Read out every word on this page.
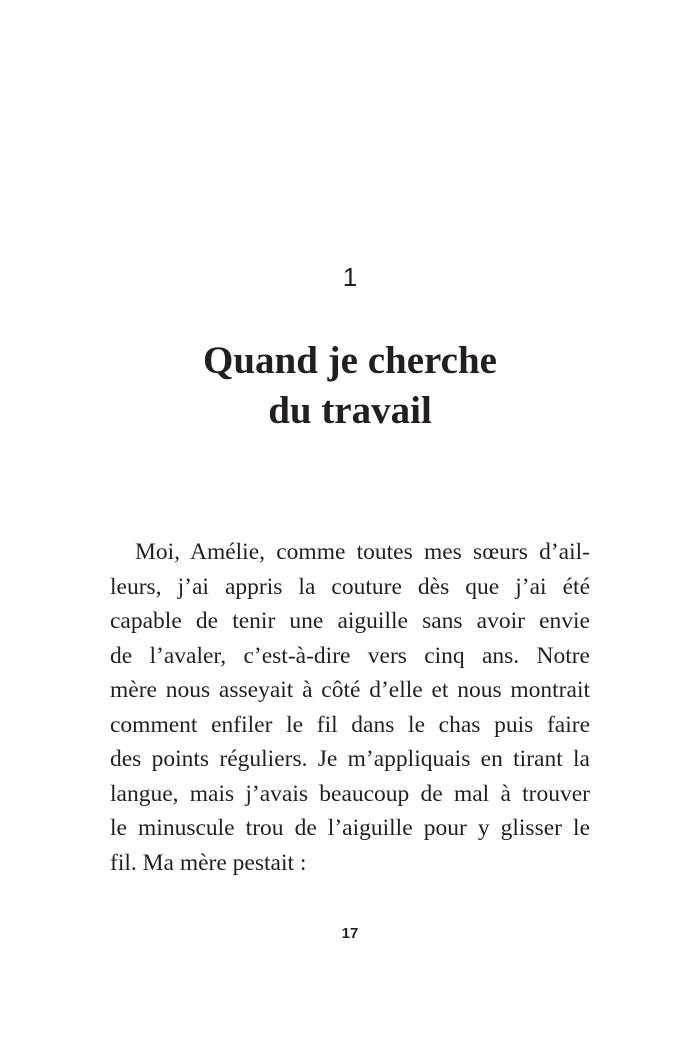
1
Quand je cherche
du travail
Moi, Amélie, comme toutes mes sœurs d’ail-
leurs, j’ai appris la couture dès que j’ai été
capable de tenir une aiguille sans avoir envie
de l’avaler, c’est-à-dire vers cinq ans. Notre
mère nous asseyait à côté d’elle et nous montrait
comment enfiler le fil dans le chas puis faire
des points réguliers. Je m’appliquais en tirant la
langue, mais j’avais beaucoup de mal à trouver
le minuscule trou de l’aiguille pour y glisser le
fil. Ma mère pestait :
17
